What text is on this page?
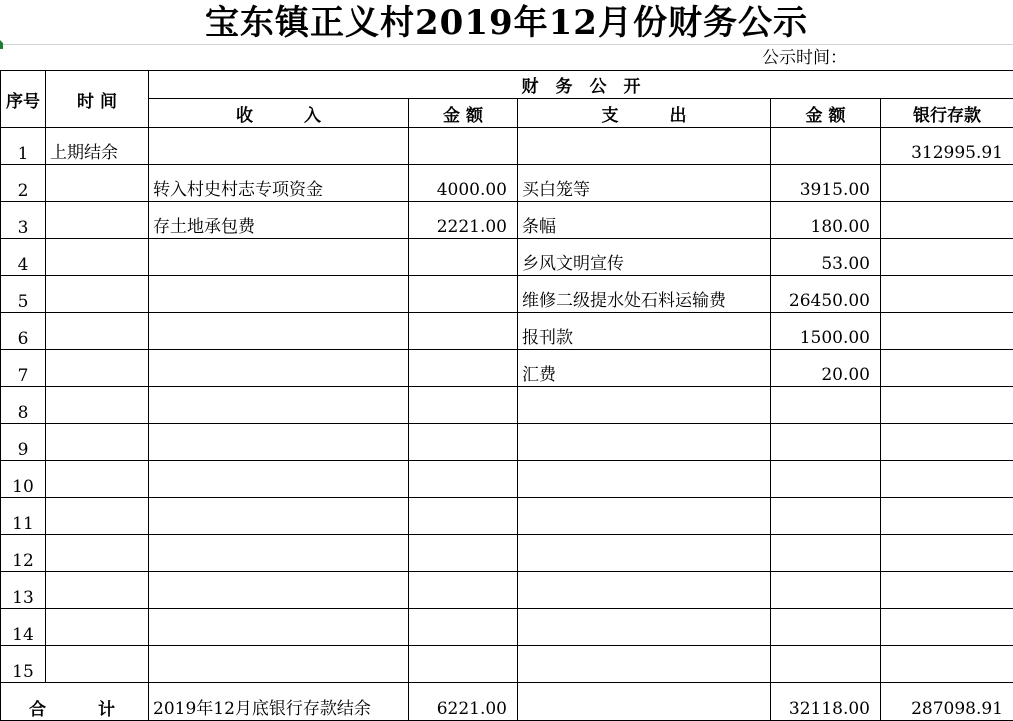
宝东镇正义村2019年12月份财务公示
公示时间：
序号	时 间	财　务　公　开				
		收　　　入	金 额	支　　　出	金 额	银行存款
1	上期结余					312995.91
2		转入村史村志专项资金	4000.00	买白笼等	3915.00	
3		存土地承包费	2221.00	条幅	180.00	
4				乡风文明宣传	53.00	
5				维修二级提水处石料运输费	26450.00	
6				报刊款	1500.00	
7				汇费	20.00	
8						
9						
10						
11						
12						
13						
14						
15						
合 计		2019年12月底银行存款结余	6221.00		32118.00	287098.91
